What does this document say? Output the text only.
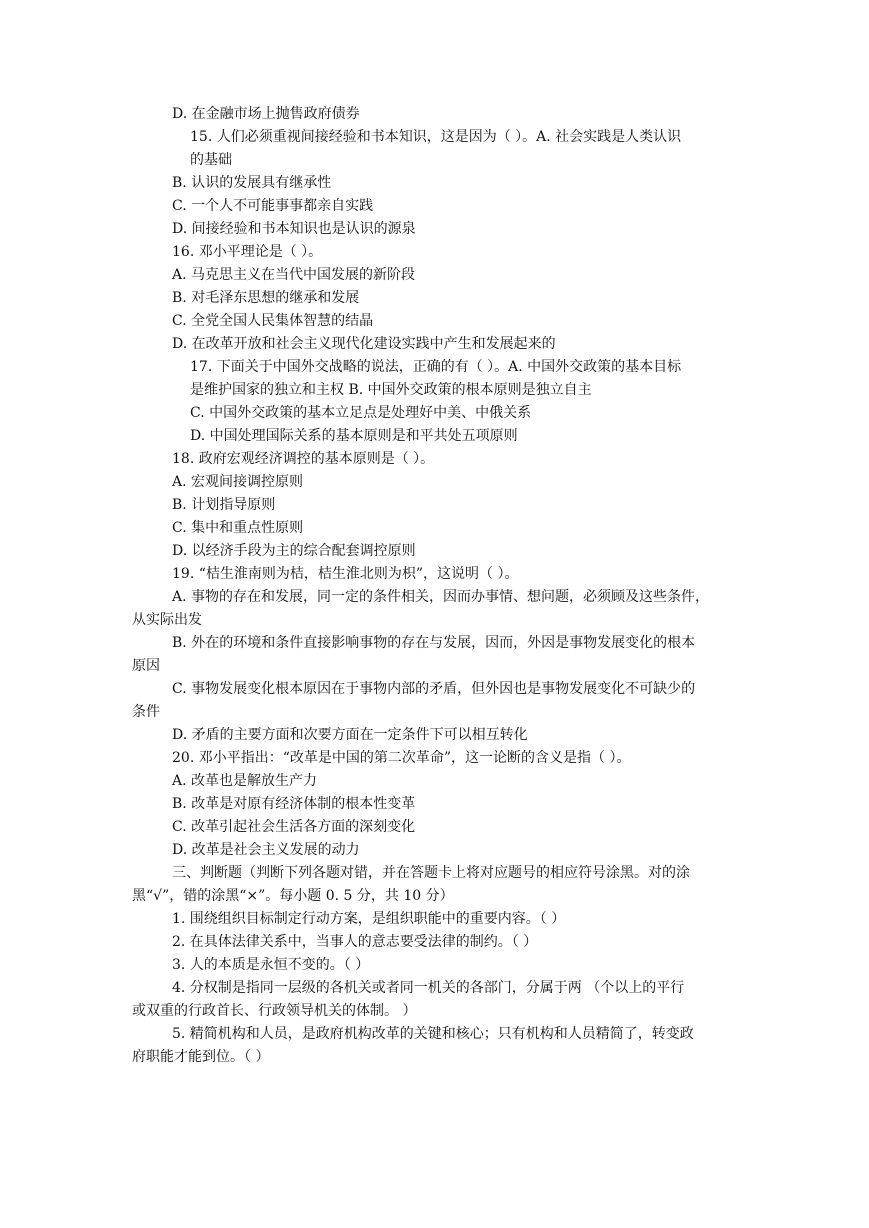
D. 在金融市场上抛售政府债券
15. 人们必须重视间接经验和书本知识，这是因为（ ）。A. 社会实践是人类认识
的基础
B. 认识的发展具有继承性
C. 一个人不可能事事都亲自实践
D. 间接经验和书本知识也是认识的源泉
16. 邓小平理论是（ ）。
A. 马克思主义在当代中国发展的新阶段
B. 对毛泽东思想的继承和发展
C. 全党全国人民集体智慧的结晶
D. 在改革开放和社会主义现代化建设实践中产生和发展起来的
17. 下面关于中国外交战略的说法，正确的有（ ）。A. 中国外交政策的基本目标
是维护国家的独立和主权 B. 中国外交政策的根本原则是独立自主
C. 中国外交政策的基本立足点是处理好中美、中俄关系
D. 中国处理国际关系的基本原则是和平共处五项原则
18. 政府宏观经济调控的基本原则是（ ）。
A. 宏观间接调控原则
B. 计划指导原则
C. 集中和重点性原则
D. 以经济手段为主的综合配套调控原则
19. “桔生淮南则为桔，桔生淮北则为枳”，这说明（ ）。
A. 事物的存在和发展，同一定的条件相关，因而办事情、想问题，必须顾及这些条件，
从实际出发
B. 外在的环境和条件直接影响事物的存在与发展，因而，外因是事物发展变化的根本
原因
C. 事物发展变化根本原因在于事物内部的矛盾，但外因也是事物发展变化不可缺少的
条件
D. 矛盾的主要方面和次要方面在一定条件下可以相互转化
20. 邓小平指出：“改革是中国的第二次革命”，这一论断的含义是指（ ）。
A. 改革也是解放生产力
B. 改革是对原有经济体制的根本性变革
C. 改革引起社会生活各方面的深刻变化
D. 改革是社会主义发展的动力
三、判断题（判断下列各题对错，并在答题卡上将对应题号的相应符号涂黑。对的涂
黑“√”，错的涂黑“×”。每小题 0. 5 分，共 10 分）
1. 围绕组织目标制定行动方案，是组织职能中的重要内容。（ ）
2. 在具体法律关系中，当事人的意志要受法律的制约。（ ）
3. 人的本质是永恒不变的。（ ）
4. 分权制是指同一层级的各机关或者同一机关的各部门，分属于两 （个以上的平行
或双重的行政首长、行政领导机关的体制。 ）
5. 精简机构和人员，是政府机构改革的关键和核心；只有机构和人员精简了，转变政
府职能才能到位。（ ）
